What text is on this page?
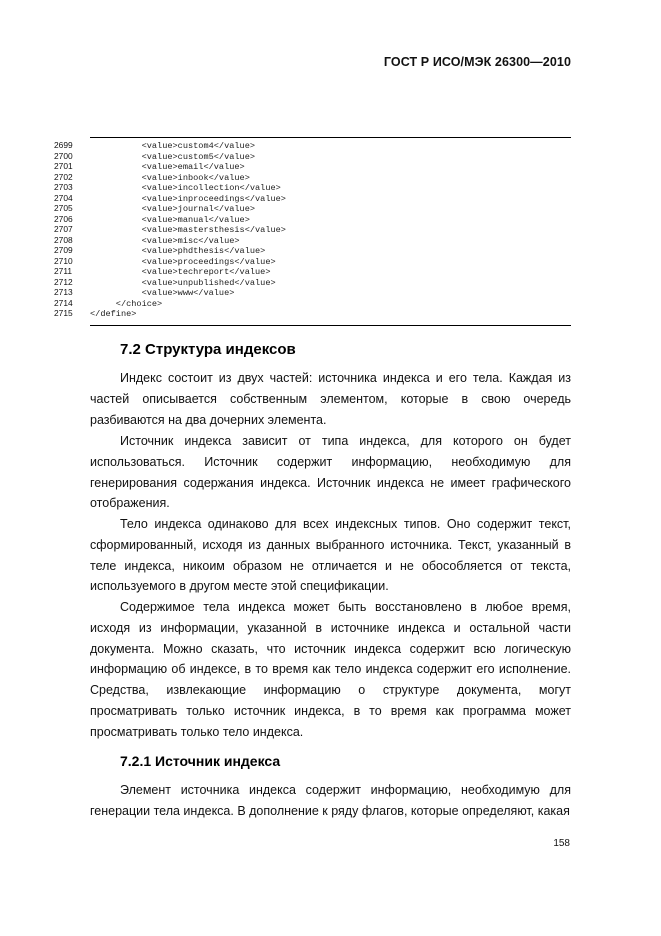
ГОСТ Р ИСО/МЭК 26300—2010
2699
2700
2701
2702
2703
2704
2705
2706
2707
2708
2709
2710
2711
2712
2713
2714
2715
<value>custom4</value>
<value>custom5</value>
<value>email</value>
<value>inbook</value>
<value>incollection</value>
<value>inproceedings</value>
<value>journal</value>
<value>manual</value>
<value>mastersthesis</value>
<value>misc</value>
<value>phdthesis</value>
<value>proceedings</value>
<value>techreport</value>
<value>unpublished</value>
<value>www</value>
</choice>
</define>
7.2 Структура индексов

Индекс состоит из двух частей: источника индекса и его тела. Каждая из частей описывается собственным элементом, которые в свою очередь разбиваются на два дочерних элемента.

Источник индекса зависит от типа индекса, для которого он будет использоваться. Источник содержит информацию, необходимую для генерирования содержания индекса. Источник индекса не имеет графического отображения.

Тело индекса одинаково для всех индексных типов. Оно содержит текст, сформированный, исходя из данных выбранного источника. Текст, указанный в теле индекса, никоим образом не отличается и не обособляется от текста, используемого в другом месте этой спецификации.

Содержимое тела индекса может быть восстановлено в любое время, исходя из информации, указанной в источнике индекса и остальной части документа. Можно сказать, что источник индекса содержит всю логическую информацию об индексе, в то время как тело индекса содержит его исполнение. Средства, извлекающие информацию о структуре документа, могут просматривать только источник индекса, в то время как программа может просматривать только тело индекса.

7.2.1 Источник индекса

Элемент источника индекса содержит информацию, необходимую для генерации тела индекса. В дополнение к ряду флагов, которые определяют, какая

158
